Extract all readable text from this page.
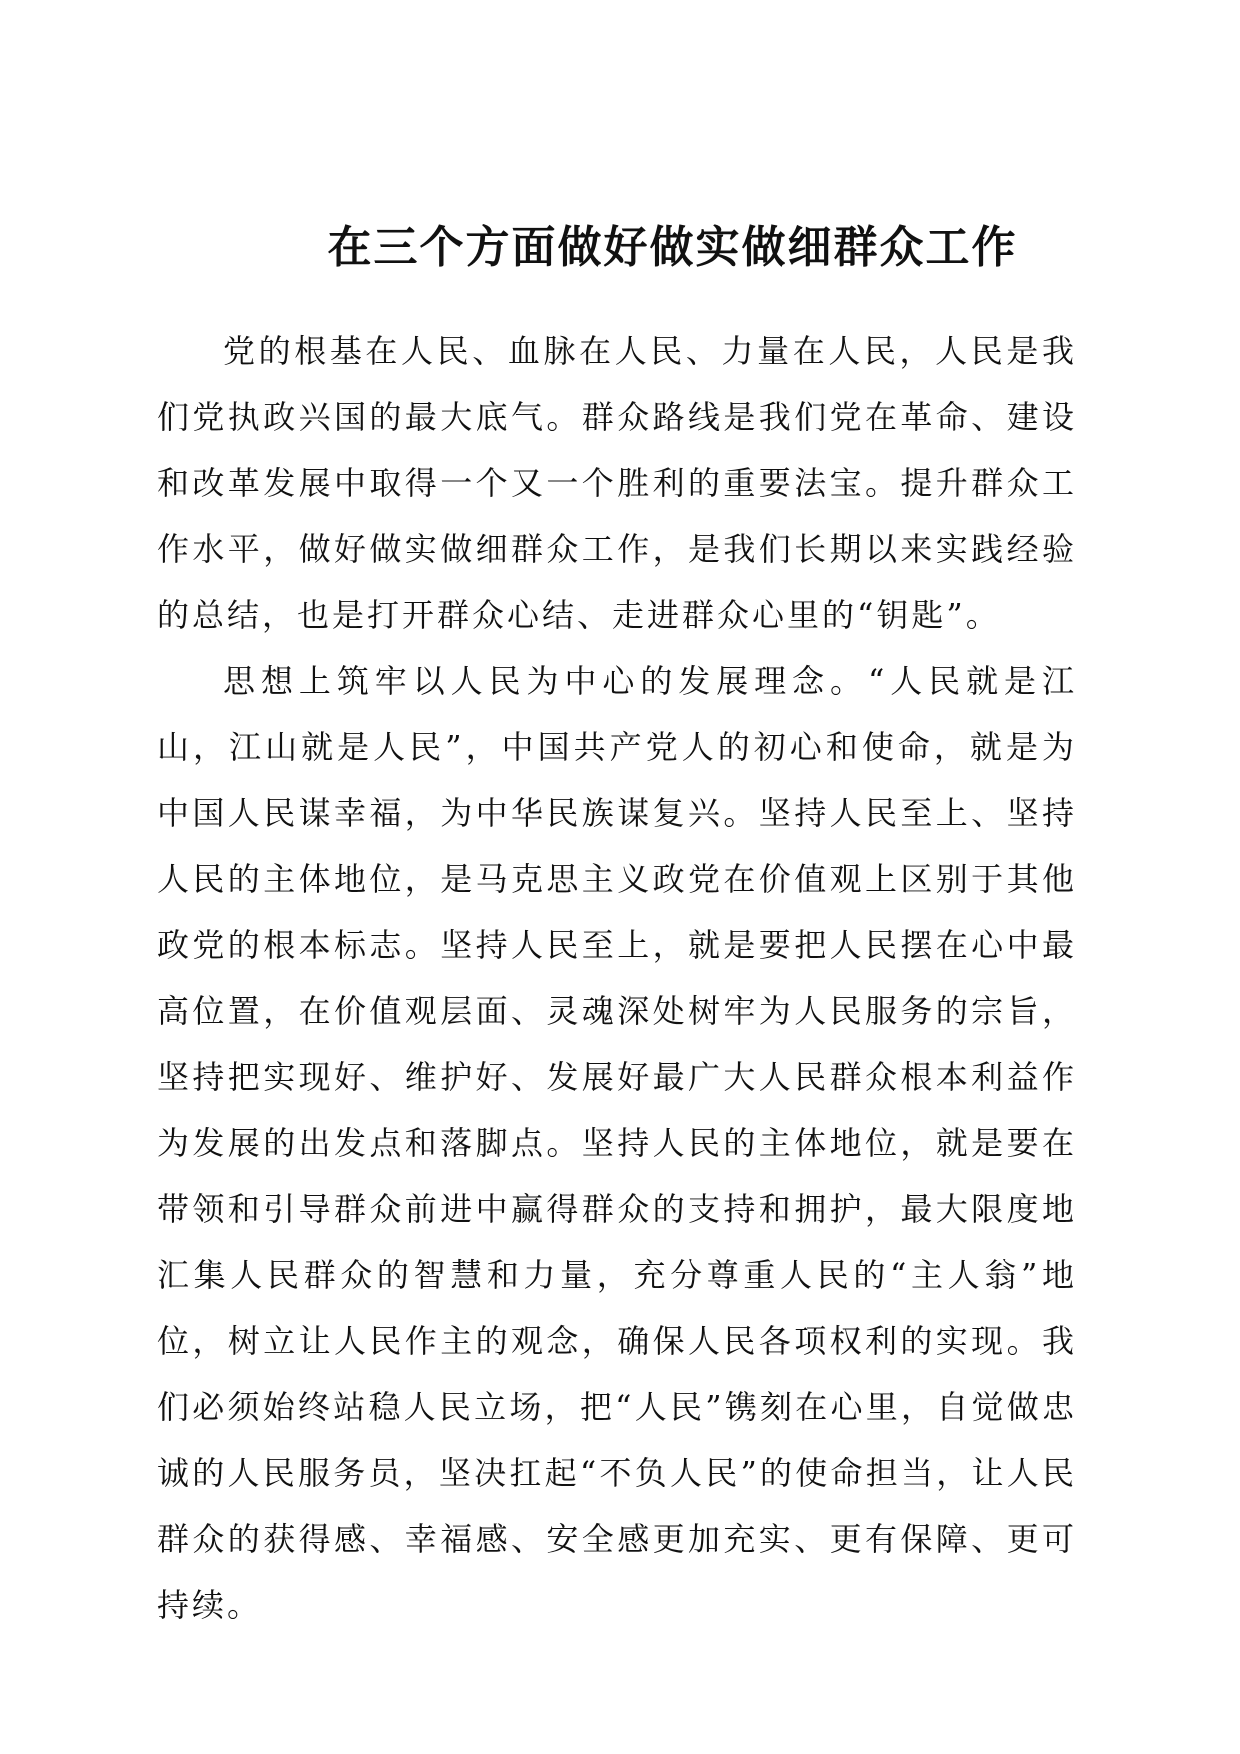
在三个方面做好做实做细群众工作

党的根基在人民、血脉在人民、力量在人民，人民是我们党执政兴国的最大底气。群众路线是我们党在革命、建设和改革发展中取得一个又一个胜利的重要法宝。提升群众工作水平，做好做实做细群众工作，是我们长期以来实践经验的总结，也是打开群众心结、走进群众心里的“钥匙”。

思想上筑牢以人民为中心的发展理念。“人民就是江山，江山就是人民”，中国共产党人的初心和使命，就是为中国人民谋幸福，为中华民族谋复兴。坚持人民至上、坚持人民的主体地位，是马克思主义政党在价值观上区别于其他政党的根本标志。坚持人民至上，就是要把人民摆在心中最高位置，在价值观层面、灵魂深处树牢为人民服务的宗旨，坚持把实现好、维护好、发展好最广大人民群众根本利益作为发展的出发点和落脚点。坚持人民的主体地位，就是要在带领和引导群众前进中赢得群众的支持和拥护，最大限度地汇集人民群众的智慧和力量，充分尊重人民的“主人翁”地位，树立让人民作主的观念，确保人民各项权利的实现。我们必须始终站稳人民立场，把“人民”镌刻在心里，自觉做忠诚的人民服务员，坚决扛起“不负人民”的使命担当，让人民群众的获得感、幸福感、安全感更加充实、更有保障、更可持续。
